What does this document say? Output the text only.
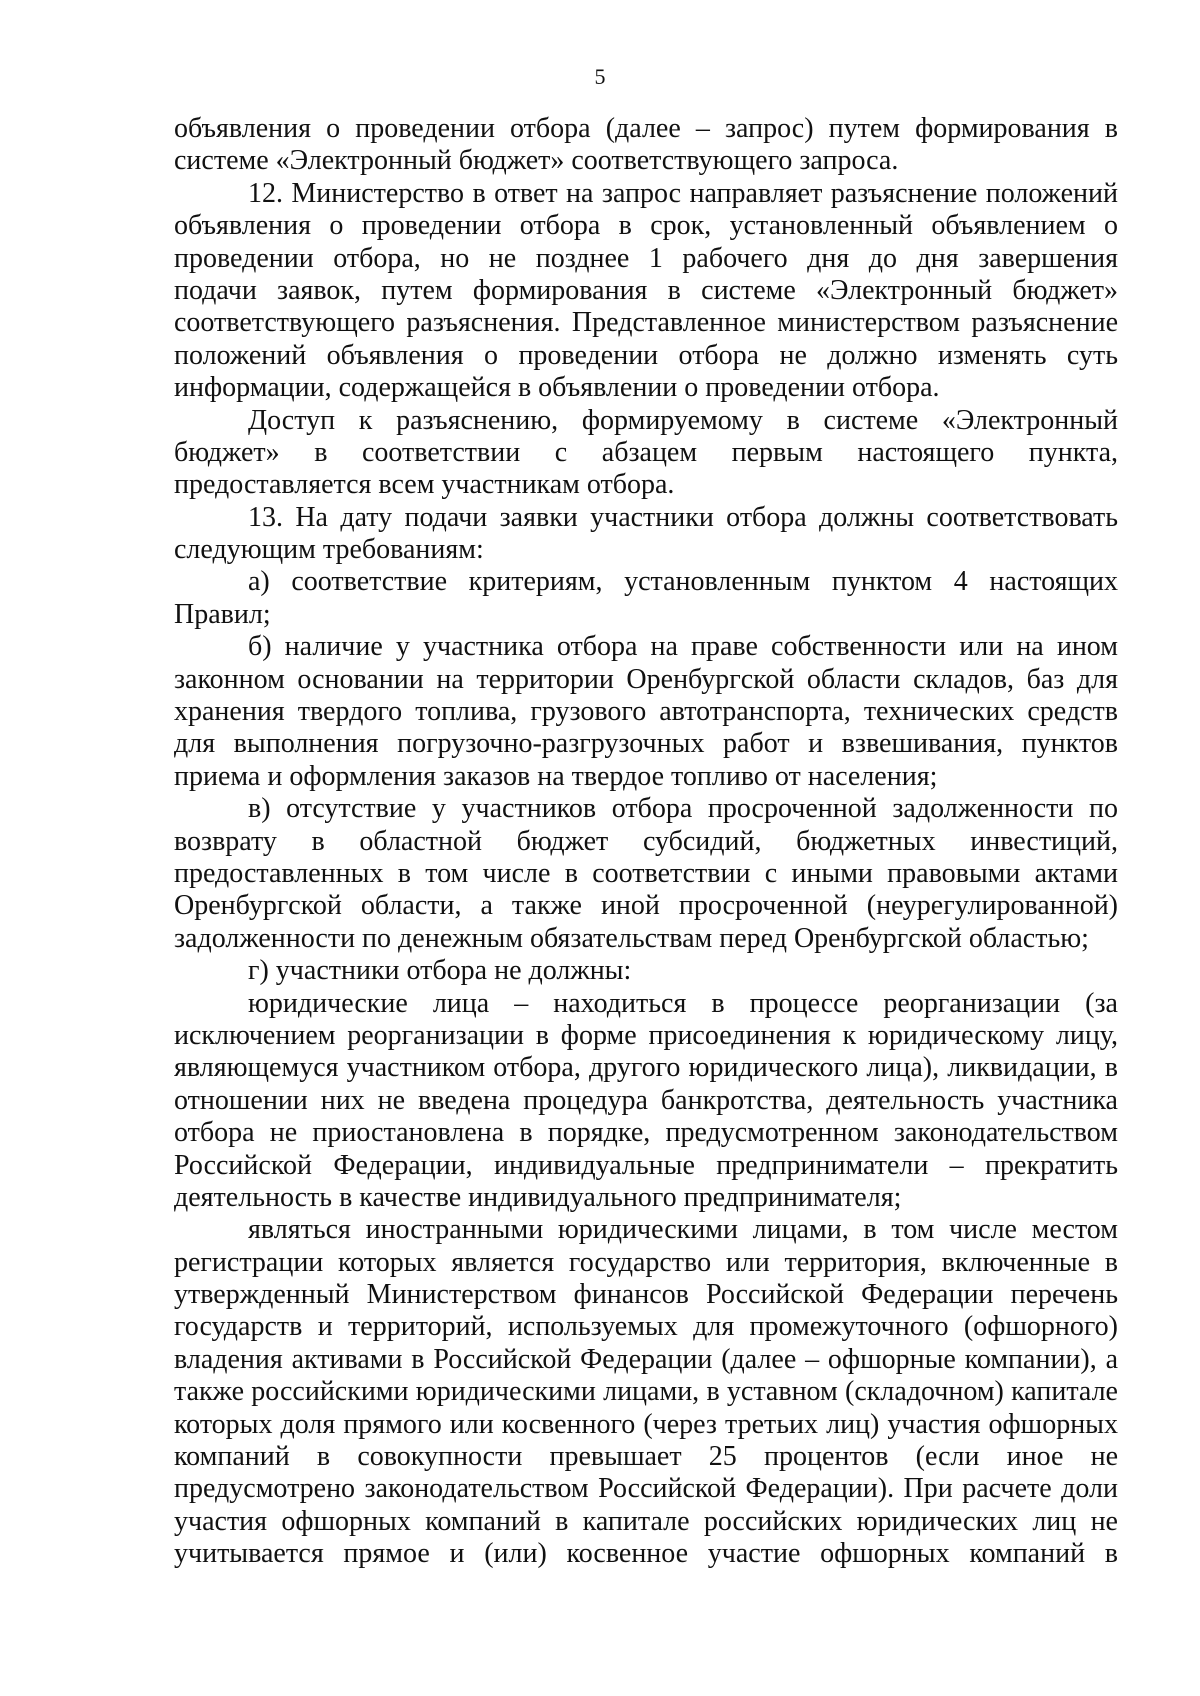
5
объявления о проведении отбора (далее – запрос) путем формирования в
системе «Электронный бюджет» соответствующего запроса.
12. Министерство в ответ на запрос направляет разъяснение положений
объявления о проведении отбора в срок, установленный объявлением о
проведении отбора, но не позднее 1 рабочего дня до дня завершения
подачи заявок, путем формирования в системе «Электронный бюджет»
соответствующего разъяснения. Представленное министерством разъяснение
положений объявления о проведении отбора не должно изменять суть
информации, содержащейся в объявлении о проведении отбора.
Доступ к разъяснению, формируемому в системе «Электронный
бюджет» в соответствии с абзацем первым настоящего пункта,
предоставляется всем участникам отбора.
13. На дату подачи заявки участники отбора должны соответствовать
следующим требованиям:
а) соответствие критериям, установленным пунктом 4 настоящих
Правил;
б) наличие у участника отбора на праве собственности или на ином
законном основании на территории Оренбургской области складов, баз для
хранения твердого топлива, грузового автотранспорта, технических средств
для выполнения погрузочно-разгрузочных работ и взвешивания, пунктов
приема и оформления заказов на твердое топливо от населения;
в) отсутствие у участников отбора просроченной задолженности по
возврату в областной бюджет субсидий, бюджетных инвестиций,
предоставленных в том числе в соответствии с иными правовыми актами
Оренбургской области, а также иной просроченной (неурегулированной)
задолженности по денежным обязательствам перед Оренбургской областью;
г) участники отбора не должны:
юридические лица – находиться в процессе реорганизации (за
исключением реорганизации в форме присоединения к юридическому лицу,
являющемуся участником отбора, другого юридического лица), ликвидации, в
отношении них не введена процедура банкротства, деятельность участника
отбора не приостановлена в порядке, предусмотренном законодательством
Российской Федерации, индивидуальные предприниматели – прекратить
деятельность в качестве индивидуального предпринимателя;
являться иностранными юридическими лицами, в том числе местом
регистрации которых является государство или территория, включенные в
утвержденный Министерством финансов Российской Федерации перечень
государств и территорий, используемых для промежуточного (офшорного)
владения активами в Российской Федерации (далее – офшорные компании), а
также российскими юридическими лицами, в уставном (складочном) капитале
которых доля прямого или косвенного (через третьих лиц) участия офшорных
компаний в совокупности превышает 25 процентов (если иное не
предусмотрено законодательством Российской Федерации). При расчете доли
участия офшорных компаний в капитале российских юридических лиц не
учитывается прямое и (или) косвенное участие офшорных компаний в
